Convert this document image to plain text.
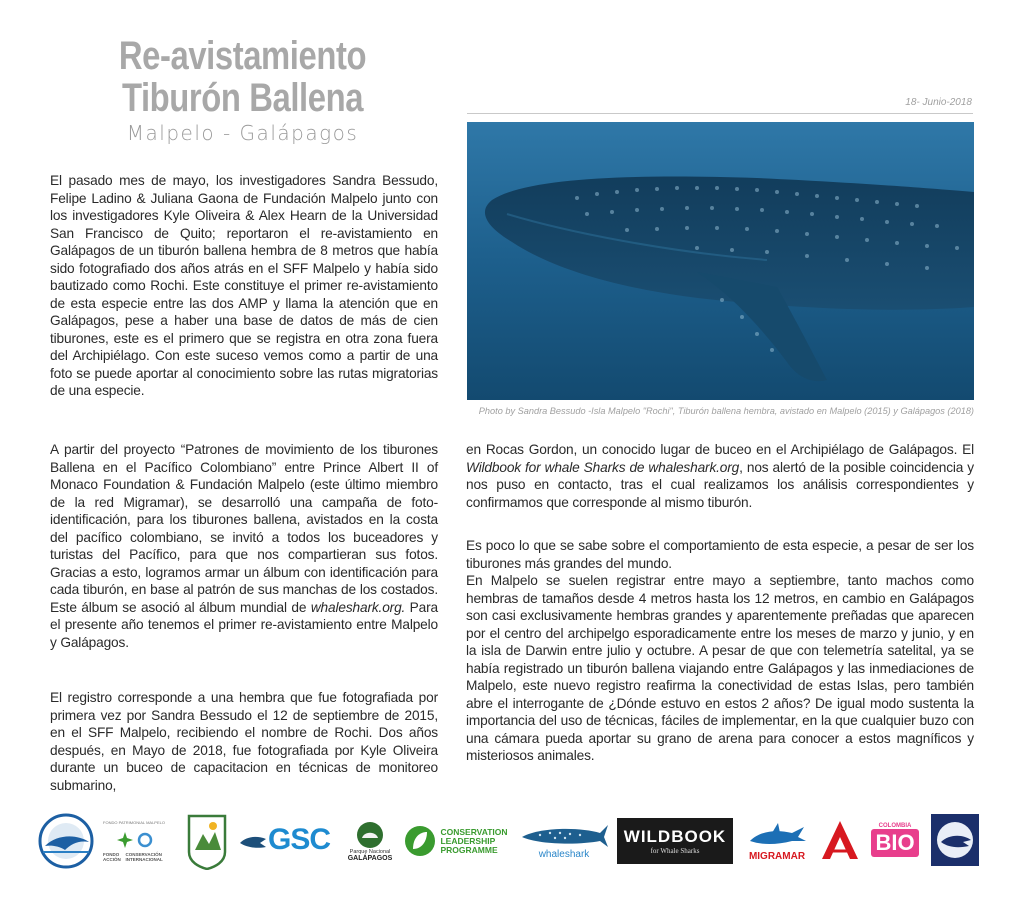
Re-avistamiento
Tiburón Ballena
Malpelo - Galápagos
18- Junio-2018
Photo by Sandra Bessudo -Isla Malpelo "Rochi", Tiburón ballena hembra, avistado en Malpelo (2015) y Galápagos (2018)

El pasado mes de mayo, los investigadores Sandra Bessudo, Felipe Ladino & Juliana Gaona de Fundación Malpelo junto con los investigadores Kyle Oliveira & Alex Hearn de la Universidad San Francisco de Quito; reportaron el re-avistamiento en Galápagos de un tiburón ballena hembra de 8 metros que había sido fotografiado dos años atrás en el SFF Malpelo y había sido bautizado como Rochi. Este constituye el primer re-avistamiento de esta especie entre las dos AMP y llama la atención que en Galápagos, pese a haber una base de datos de más de cien tiburones, este es el primero que se registra en otra zona fuera del Archipiélago. Con este suceso vemos como a partir de una foto se puede aportar al conocimiento sobre las rutas migratorias de una especie.

A partir del proyecto “Patrones de movimiento de los tiburones Ballena en el Pacífico Colombiano” entre Prince Albert II of Monaco Foundation & Fundación Malpelo (este último miembro de la red Migramar), se desarrolló una campaña de foto-identificación, para los tiburones ballena, avistados en la costa del pacífico colombiano, se invitó a todos los buceadores y turistas del Pacífico, para que nos compartieran sus fotos. Gracias a esto, logramos armar un álbum con identificación para cada tiburón, en base al patrón de sus manchas de los costados. Este álbum se asoció al álbum mundial de whaleshark.org. Para el presente año tenemos el primer re-avistamiento entre Malpelo y Galápagos.

El registro corresponde a una hembra que fue fotografiada por primera vez por Sandra Bessudo el 12 de septiembre de 2015, en el SFF Malpelo, recibiendo el nombre de Rochi. Dos años después, en Mayo de 2018, fue fotografiada por Kyle Oliveira durante un buceo de capacitacion en técnicas de monitoreo submarino,

en Rocas Gordon, un conocido lugar de buceo en el Archipiélago de Galápagos. El Wildbook for whale Sharks de whaleshark.org, nos alertó de la posible coincidencia y nos puso en contacto, tras el cual realizamos los análisis correspondientes y confirmamos que corresponde al mismo tiburón.

Es poco lo que se sabe sobre el comportamiento de esta especie, a pesar de ser los tiburones más grandes del mundo.

En Malpelo se suelen registrar entre mayo a septiembre, tanto machos como hembras de tamaños desde 4 metros hasta los 12 metros, en cambio en Galápagos son casi exclusivamente hembras grandes y aparentemente preñadas que aparecen por el centro del archipelgo esporadicamente entre los meses de marzo y junio, y en la isla de Darwin entre julio y octubre. A pesar de que con telemetría satelital, ya se había registrado un tiburón ballena viajando entre Galápagos y las inmediaciones de Malpelo, este nuevo registro reafirma la conectividad de estas Islas, pero también abre el interrogante de ¿Dónde estuvo en estos 2 años? De igual modo sustenta la importancia del uso de técnicas, fáciles de implementar, en la que cualquier buzo con una cámara pueda aportar su grano de arena para conocer a estos magníficos y misteriosos animales.

FONDO PATRIMONIAL MALPELO
FONDO ACCIÓN
CONSERVACIÓN INTERNACIONAL
GSC	Parque Nacional
GALÁPAGOS
CONSERVATION
LEADERSHIP
PROGRAMME	whaleshark
WILDBOOK
for Whale Sharks	MIGRAMAR
COLOMBIA
BIO
